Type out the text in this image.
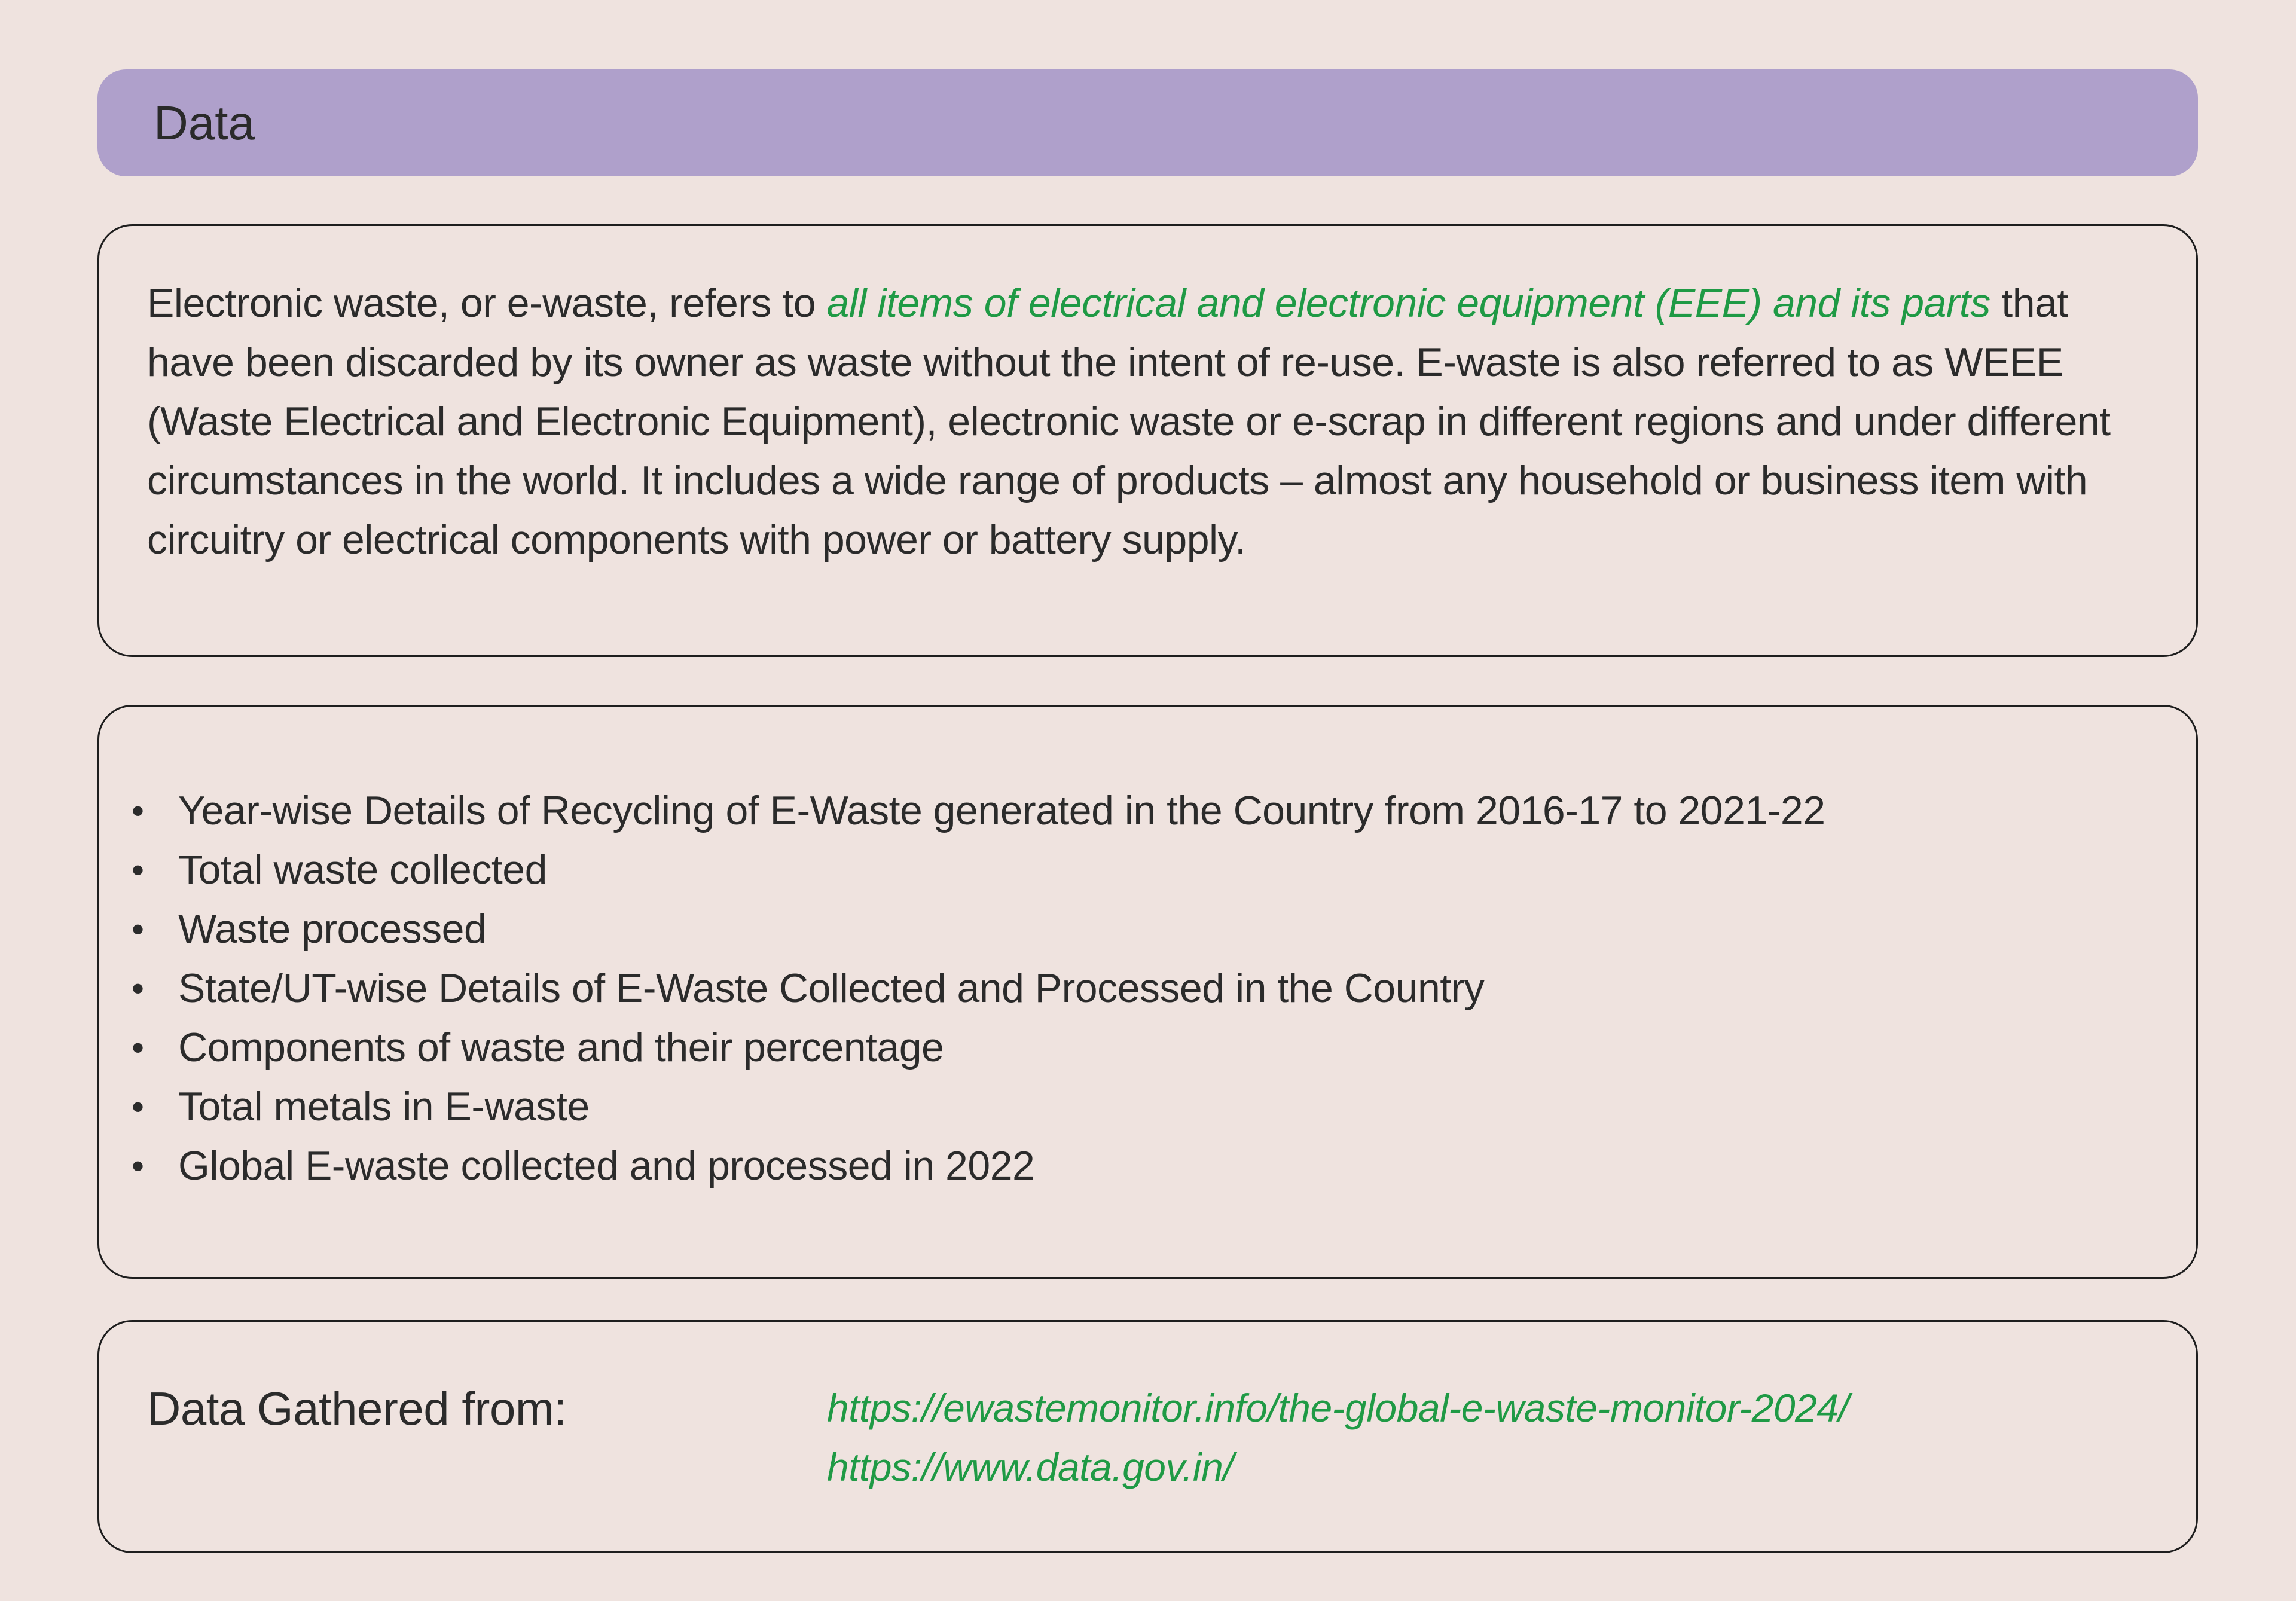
Data

Electronic waste, or e-waste, refers to all items of electrical and electronic equipment (EEE) and its parts that have been discarded by its owner as waste without the intent of re-use. E-waste is also referred to as WEEE (Waste Electrical and Electronic Equipment), electronic waste or e-scrap in different regions and under different circumstances in the world. It includes a wide range of products – almost any household or business item with circuitry or electrical components with power or battery supply.

• Year-wise Details of Recycling of E-Waste generated in the Country from 2016-17 to 2021-22
• Total waste collected
• Waste processed
• State/UT-wise Details of E-Waste Collected and Processed in the Country
• Components of waste and their percentage
• Total metals in E-waste
• Global E-waste collected and processed in 2022
Data Gathered from:	https://ewastemonitor.info/the-global-e-waste-monitor-2024/
https://www.data.gov.in/
